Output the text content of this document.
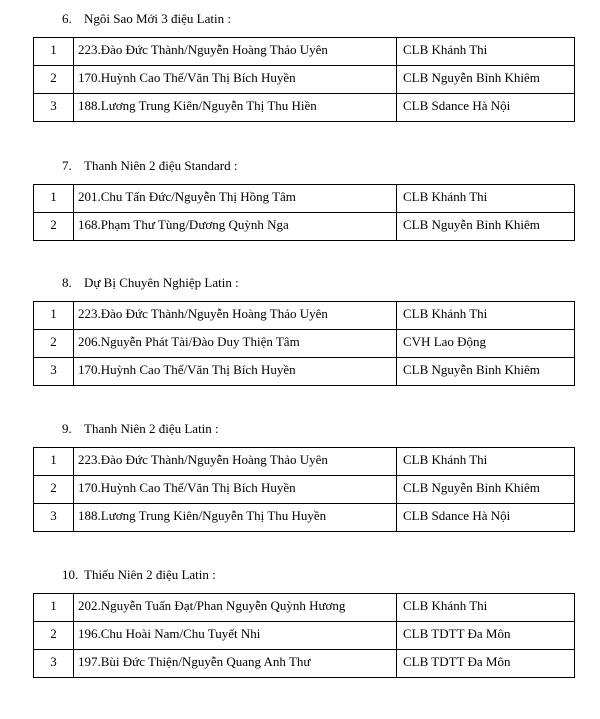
6. Ngôi Sao Mới 3 điệu Latin :
1	223.Đào Đức Thành/Nguyễn Hoàng Thảo Uyên	CLB Khánh Thi
2	170.Huỳnh Cao Thế/Văn Thị Bích Huyền	CLB Nguyễn Bỉnh Khiêm
3	188.Lương Trung Kiên/Nguyễn Thị Thu Hiền	CLB Sdance Hà Nội
7. Thanh Niên 2 điệu Standard :
1	201.Chu Tấn Đức/Nguyễn Thị Hồng Tâm	CLB Khánh Thi
2	168.Phạm Thư Tùng/Dương Quỳnh Nga	CLB Nguyễn Bỉnh Khiêm
8. Dự Bị Chuyên Nghiệp Latin :
1	223.Đào Đức Thành/Nguyễn Hoàng Thảo Uyên	CLB Khánh Thi
2	206.Nguyễn Phát Tài/Đào Duy Thiện Tâm	CVH Lao Động
3	170.Huỳnh Cao Thế/Văn Thị Bích Huyền	CLB Nguyễn Bỉnh Khiêm
9. Thanh Niên 2 điệu Latin :
1	223.Đào Đức Thành/Nguyễn Hoàng Thảo Uyên	CLB Khánh Thi
2	170.Huỳnh Cao Thế/Văn Thị Bích Huyền	CLB Nguyễn Bỉnh Khiêm
3	188.Lương Trung Kiên/Nguyễn Thị Thu Huyền	CLB Sdance Hà Nội
10. Thiếu Niên 2 điệu Latin :
1	202.Nguyễn Tuấn Đạt/Phan Nguyễn Quỳnh Hương	CLB Khánh Thi
2	196.Chu Hoài Nam/Chu Tuyết Nhi	CLB TDTT Đa Môn
3	197.Bùi Đức Thiện/Nguyễn Quang Anh Thư	CLB TDTT Đa Môn
